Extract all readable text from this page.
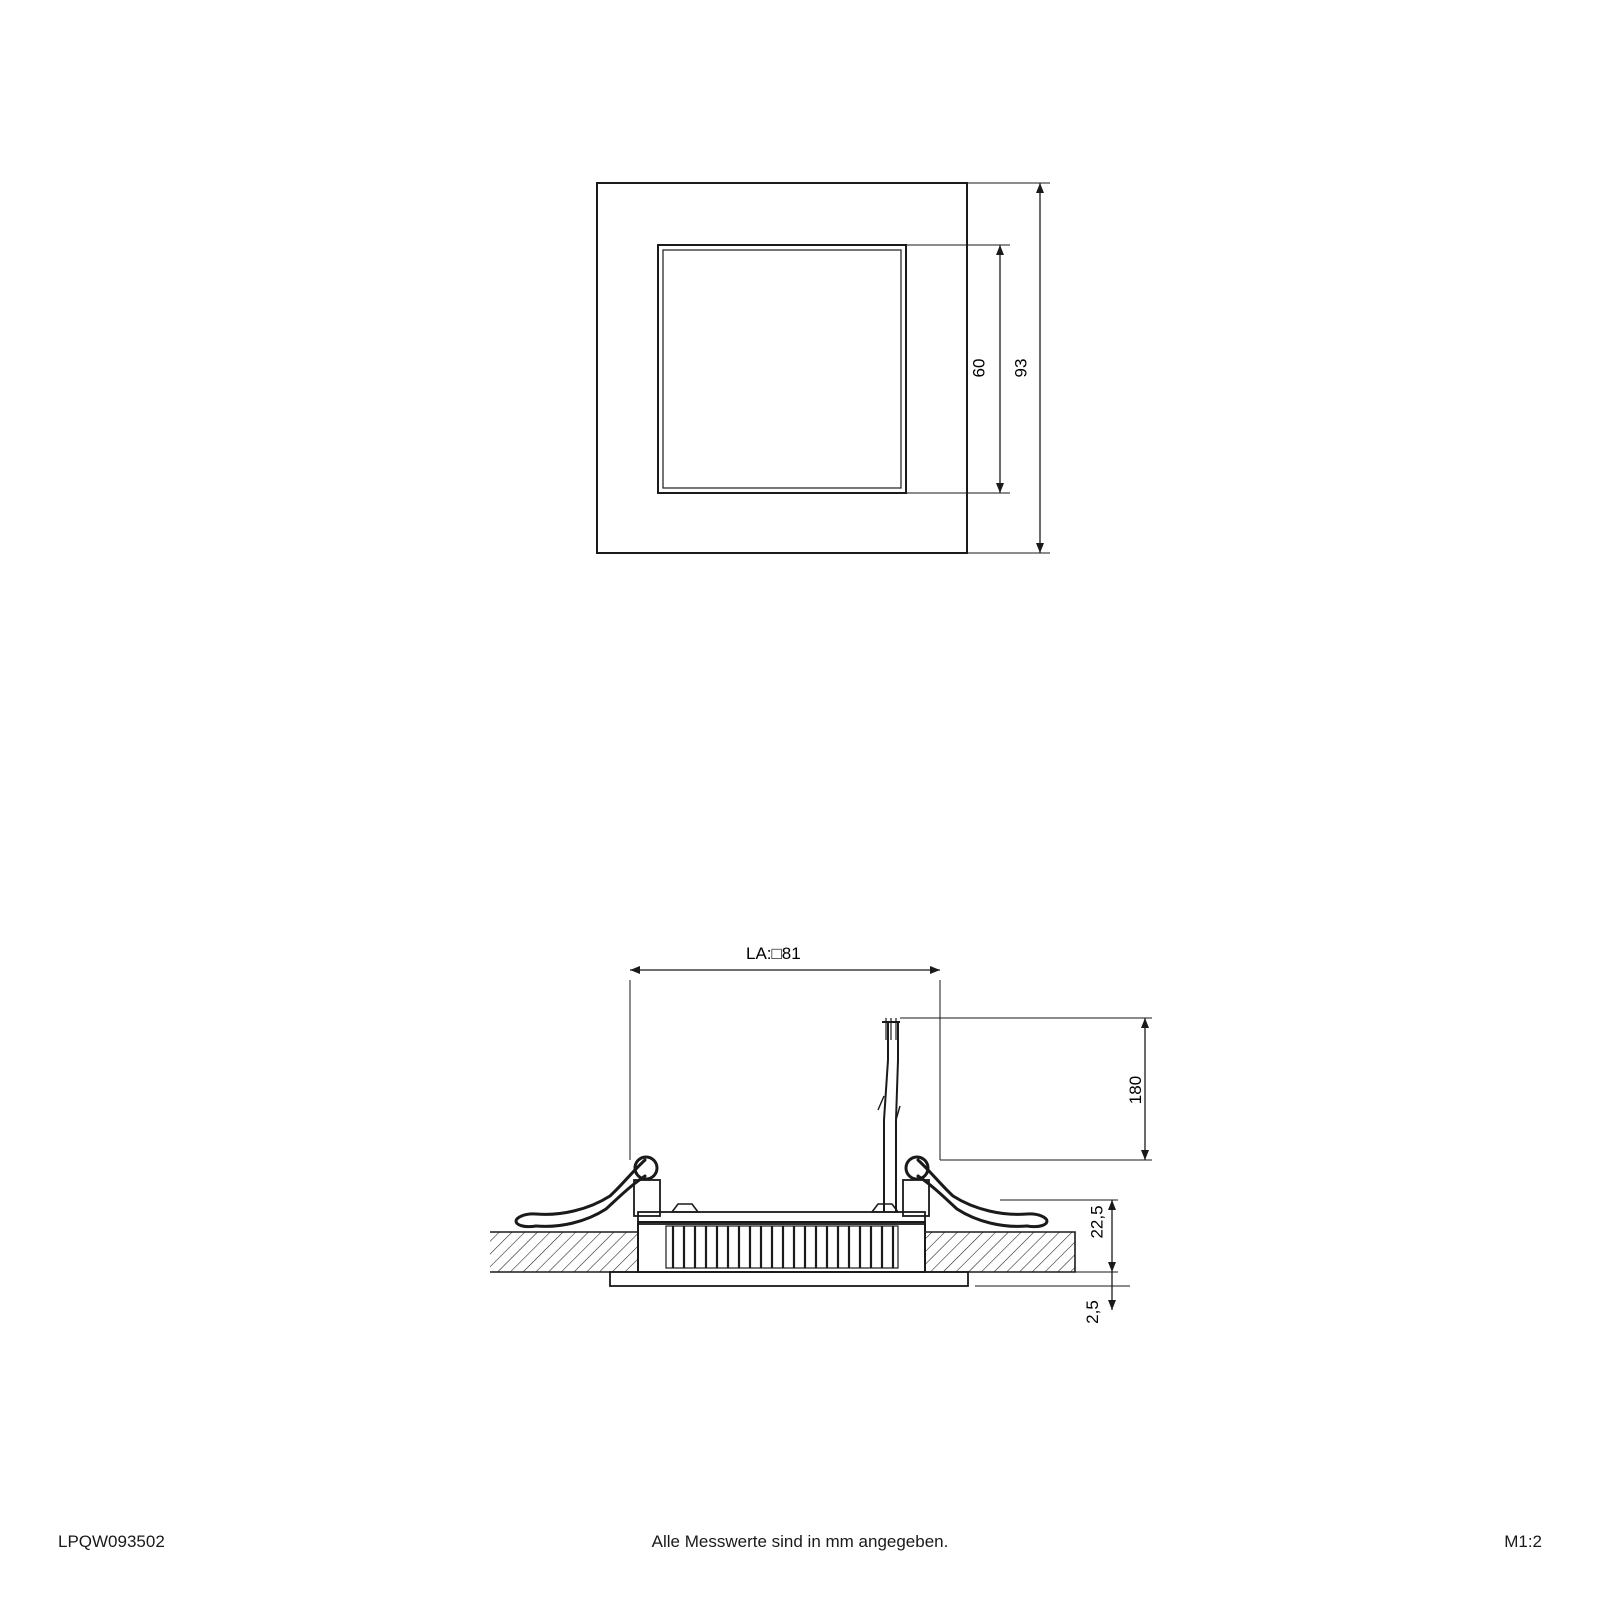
60 93
LA:□81
180
22,5
2,5
LPQW093502	Alle Messwerte sind in mm angegeben.	M1:2
